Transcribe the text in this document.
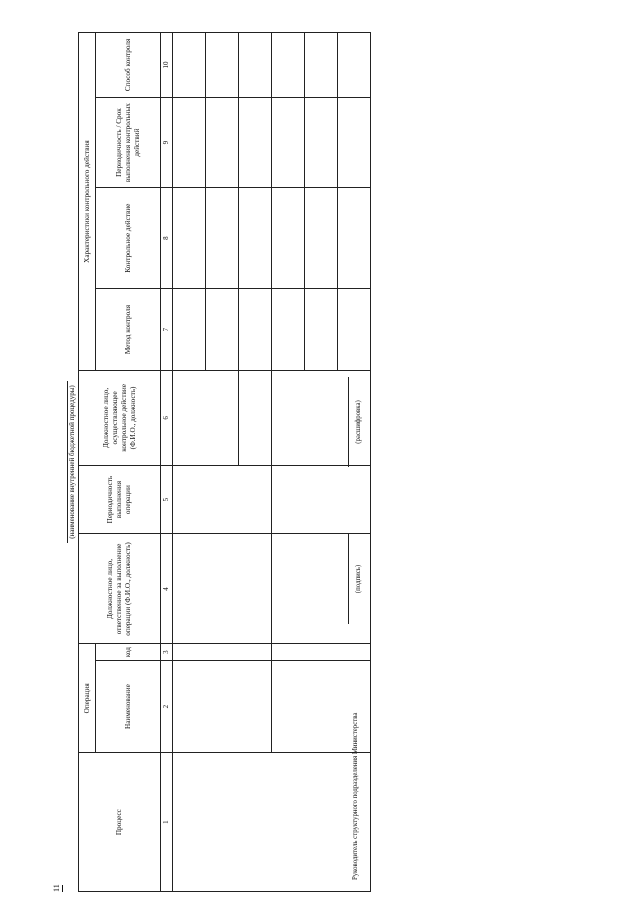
11
(наименование внутренней бюджетной процедуры)									
Процесс	Операция		Должностное лицо, ответственное за выполнение операции (Ф.И.О., должность)	Периодичность выполнения операции	Должностное лицо, осуществляющее контрольное действие (Ф.И.О., должность)	Характеристики контрольного действия			
	Наименование	код				Метод контроля	Контрольное действие	Периодичность / Срок выполнения контрольных действий	Способ контроля
1	2	3	4	5	6	7	8	9	10

Руководитель структурного подразделения Министерства
(подпись)
(расшифровка)
